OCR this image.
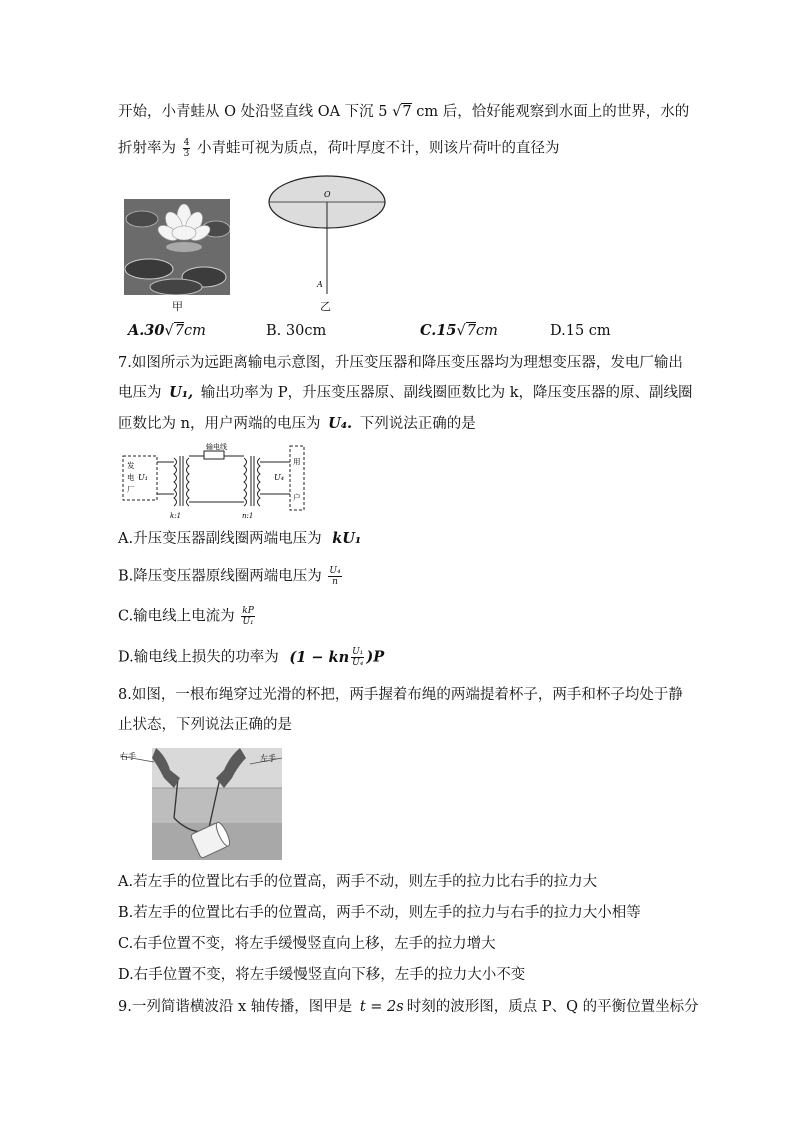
开始，小青蛙从 O 处沿竖直线 OA 下沉 5 √7 cm 后，恰好能观察到水面上的世界，水的
折射率为 $\frac{4}{3}$ 小青蛙可视为质点，荷叶厚度不计，则该片荷叶的直径为
甲
O
A
乙
A.30√7cm	B. 30cm	C.15√7cm	D.15 cm
7.如图所示为远距离输电示意图，升压变压器和降压变压器均为理想变压器，发电厂输出
电压为 U₁, 输出功率为 P，升压变压器原、副线圈匝数比为 k，降压变压器的原、副线圈
匝数比为 n，用户两端的电压为 U₄. 下列说法正确的是
发
电
厂
U₁
输电线
U₄
用
户
k:1	n:1
A.升压变压器副线圈两端电压为 kU₁
B.降压变压器原线圈两端电压为 $\frac{\text{U₄}}{n}$
C.输电线上电流为 $\frac{kP}{\text{U₁}}$
D.输电线上损失的功率为 (1 − kn $\frac{\text{U₁}}{\text{U₄}} )P$
8.如图，一根布绳穿过光滑的杯把，两手握着布绳的两端提着杯子，两手和杯子均处于静
止状态，下列说法正确的是
右手	左手
A.若左手的位置比右手的位置高，两手不动，则左手的拉力比右手的拉力大
B.若左手的位置比右手的位置高，两手不动，则左手的拉力与右手的拉力大小相等
C.右手位置不变，将左手缓慢竖直向上移，左手的拉力增大
D.右手位置不变，将左手缓慢竖直向下移，左手的拉力大小不变
9.一列简谐横波沿 x 轴传播，图甲是 t = 2s 时刻的波形图，质点 P、Q 的平衡位置坐标分
